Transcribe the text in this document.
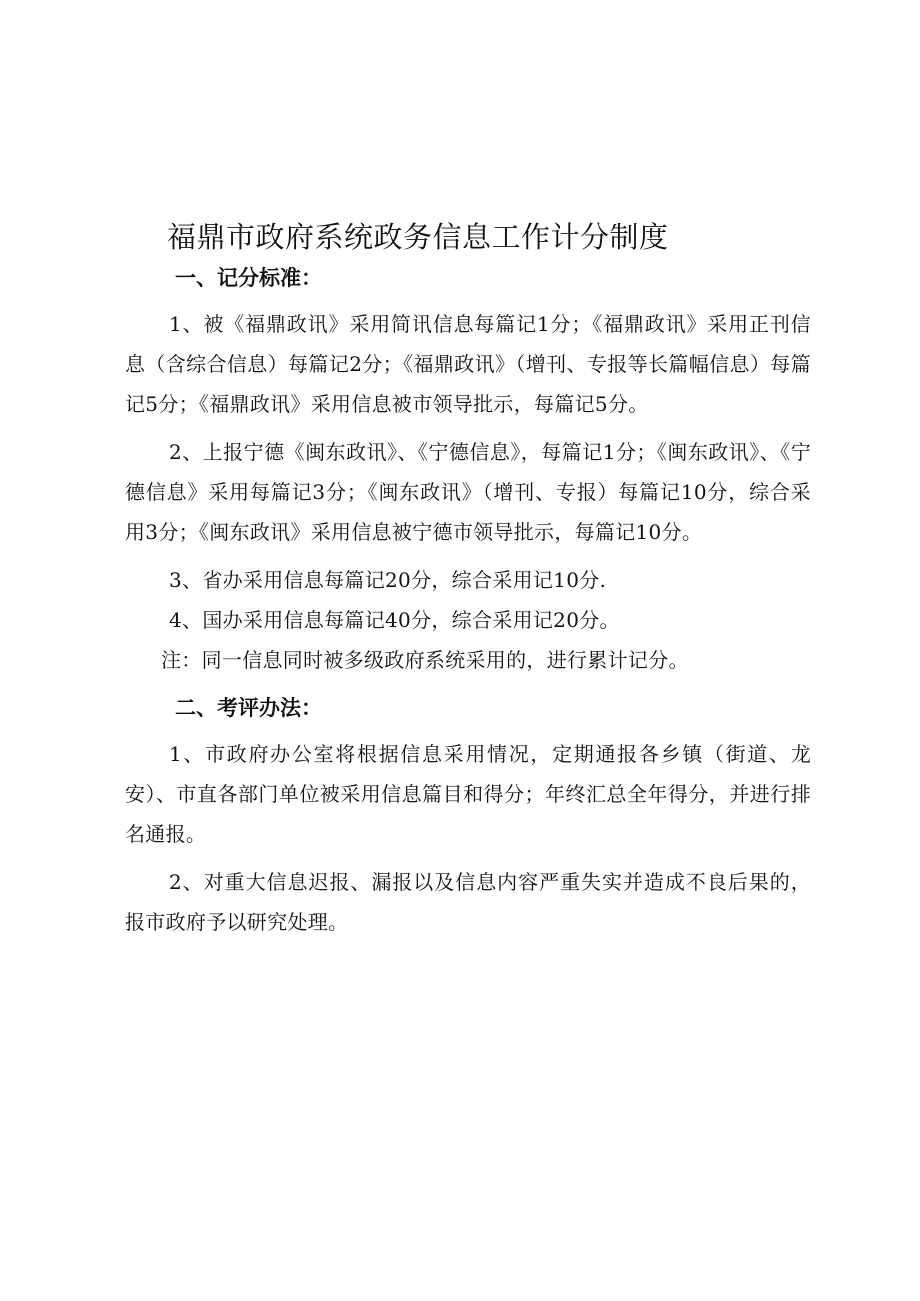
福鼎市政府系统政务信息工作计分制度
一、记分标准：

1、被《福鼎政讯》采用简讯信息每篇记1分；《福鼎政讯》采用正刊信息（含综合信息）每篇记2分；《福鼎政讯》（增刊、专报等长篇幅信息）每篇记5分；《福鼎政讯》采用信息被市领导批示，每篇记5分。

2、上报宁德《闽东政讯》、《宁德信息》，每篇记1分；《闽东政讯》、《宁德信息》采用每篇记3分；《闽东政讯》（增刊、专报）每篇记10分，综合采用3分；《闽东政讯》采用信息被宁德市领导批示，每篇记10分。

3、省办采用信息每篇记20分，综合采用记10分.

4、国办采用信息每篇记40分，综合采用记20分。

注：同一信息同时被多级政府系统采用的，进行累计记分。

二、考评办法：

1、市政府办公室将根据信息采用情况，定期通报各乡镇（街道、龙安）、市直各部门单位被采用信息篇目和得分；年终汇总全年得分，并进行排名通报。

2、对重大信息迟报、漏报以及信息内容严重失实并造成不良后果的，报市政府予以研究处理。
